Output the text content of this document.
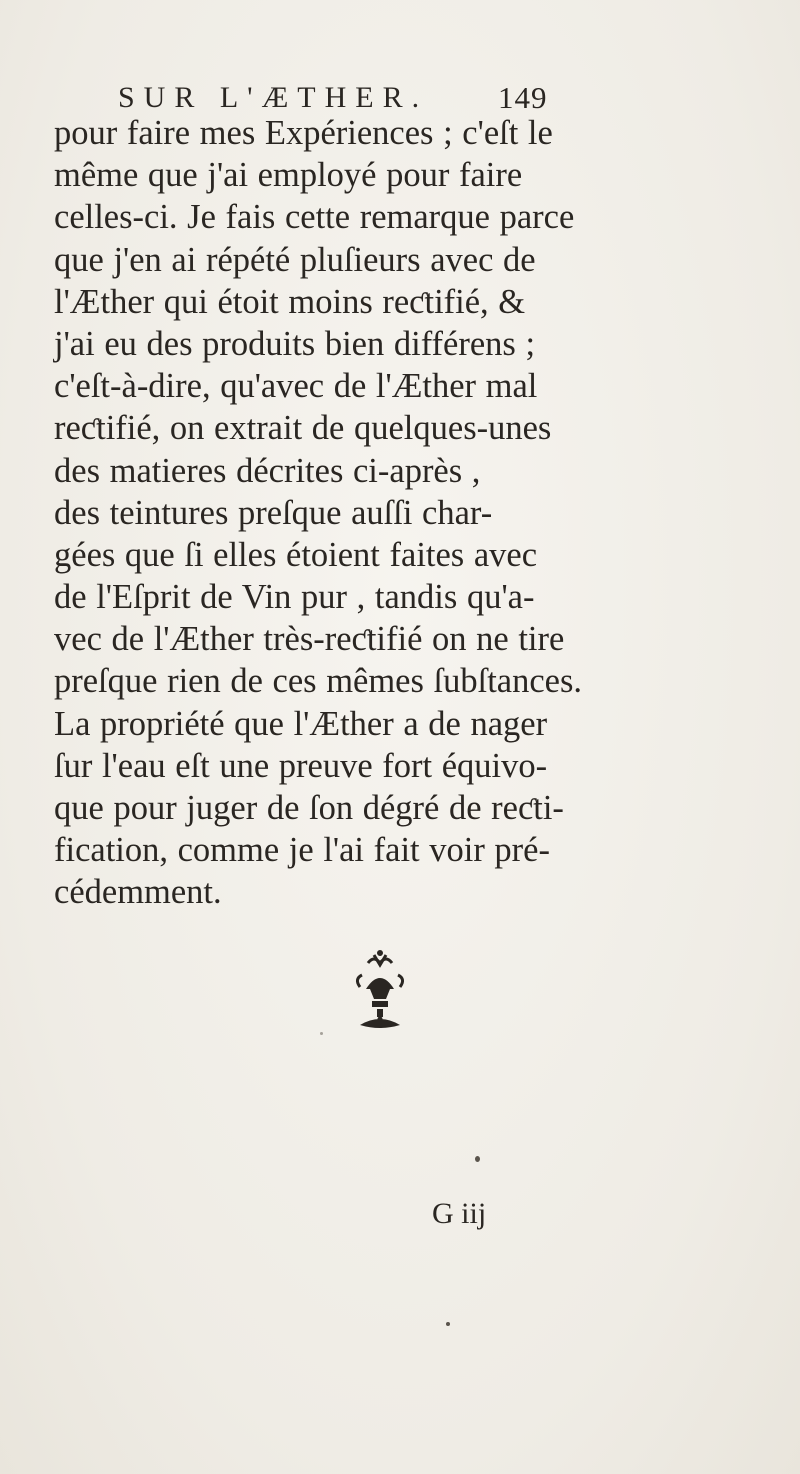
SUR L'ÆTHER. 149
pour faire mes Expériences ; c'eſt le
même que j'ai employé pour faire
celles-ci. Je fais cette remarque parce
que j'en ai répété pluſieurs avec de
l'Æther qui étoit moins reƈtifié, &
j'ai eu des produits bien différens ;
c'eſt-à-dire, qu'avec de l'Æther mal
reƈtifié, on extrait de quelques-unes
des matieres décrites ci-après ,
des teintures preſque auſſi char-
gées que ſi elles étoient faites avec
de l'Eſprit de Vin pur , tandis qu'a-
vec de l'Æther très-reƈtifié on ne tire
preſque rien de ces mêmes ſubſtances.
La propriété que l'Æther a de nager
ſur l'eau eſt une preuve fort équivo-
que pour juger de ſon dégré de reƈti-
fication, comme je l'ai fait voir pré-
cédemment.
G iij
